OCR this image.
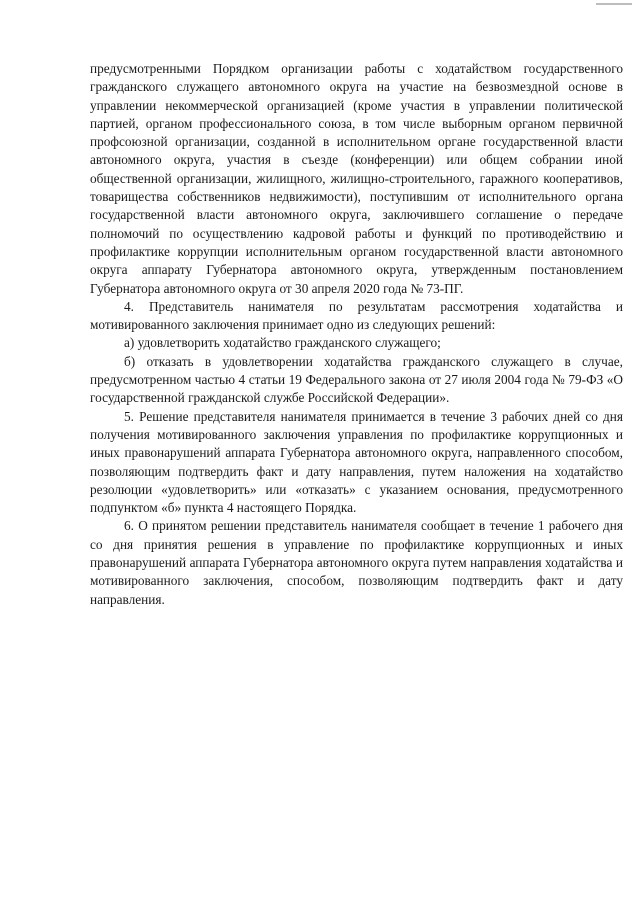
предусмотренными Порядком организации работы с ходатайством государственного гражданского служащего автономного округа на участие на безвозмездной основе в управлении некоммерческой организацией (кроме участия в управлении политической партией, органом профессионального союза, в том числе выборным органом первичной профсоюзной организации, созданной в исполнительном органе государственной власти автономного округа, участия в съезде (конференции) или общем собрании иной общественной организации, жилищного, жилищно-строительного, гаражного кооперативов, товарищества собственников недвижимости), поступившим от исполнительного органа государственной власти автономного округа, заключившего соглашение о передаче полномочий по осуществлению кадровой работы и функций по противодействию и профилактике коррупции исполнительным органом государственной власти автономного округа аппарату Губернатора автономного округа, утвержденным постановлением Губернатора автономного округа от 30 апреля 2020 года № 73-ПГ.

4. Представитель нанимателя по результатам рассмотрения ходатайства и мотивированного заключения принимает одно из следующих решений:

а) удовлетворить ходатайство гражданского служащего;

б) отказать в удовлетворении ходатайства гражданского служащего в случае, предусмотренном частью 4 статьи 19 Федерального закона от 27 июля 2004 года № 79-ФЗ «О государственной гражданской службе Российской Федерации».

5. Решение представителя нанимателя принимается в течение 3 рабочих дней со дня получения мотивированного заключения управления по профилактике коррупционных и иных правонарушений аппарата Губернатора автономного округа, направленного способом, позволяющим подтвердить факт и дату направления, путем наложения на ходатайство резолюции «удовлетворить» или «отказать» с указанием основания, предусмотренного подпунктом «б» пункта 4 настоящего Порядка.

6. О принятом решении представитель нанимателя сообщает в течение 1 рабочего дня со дня принятия решения в управление по профилактике коррупционных и иных правонарушений аппарата Губернатора автономного округа путем направления ходатайства и мотивированного заключения, способом, позволяющим подтвердить факт и дату направления.
